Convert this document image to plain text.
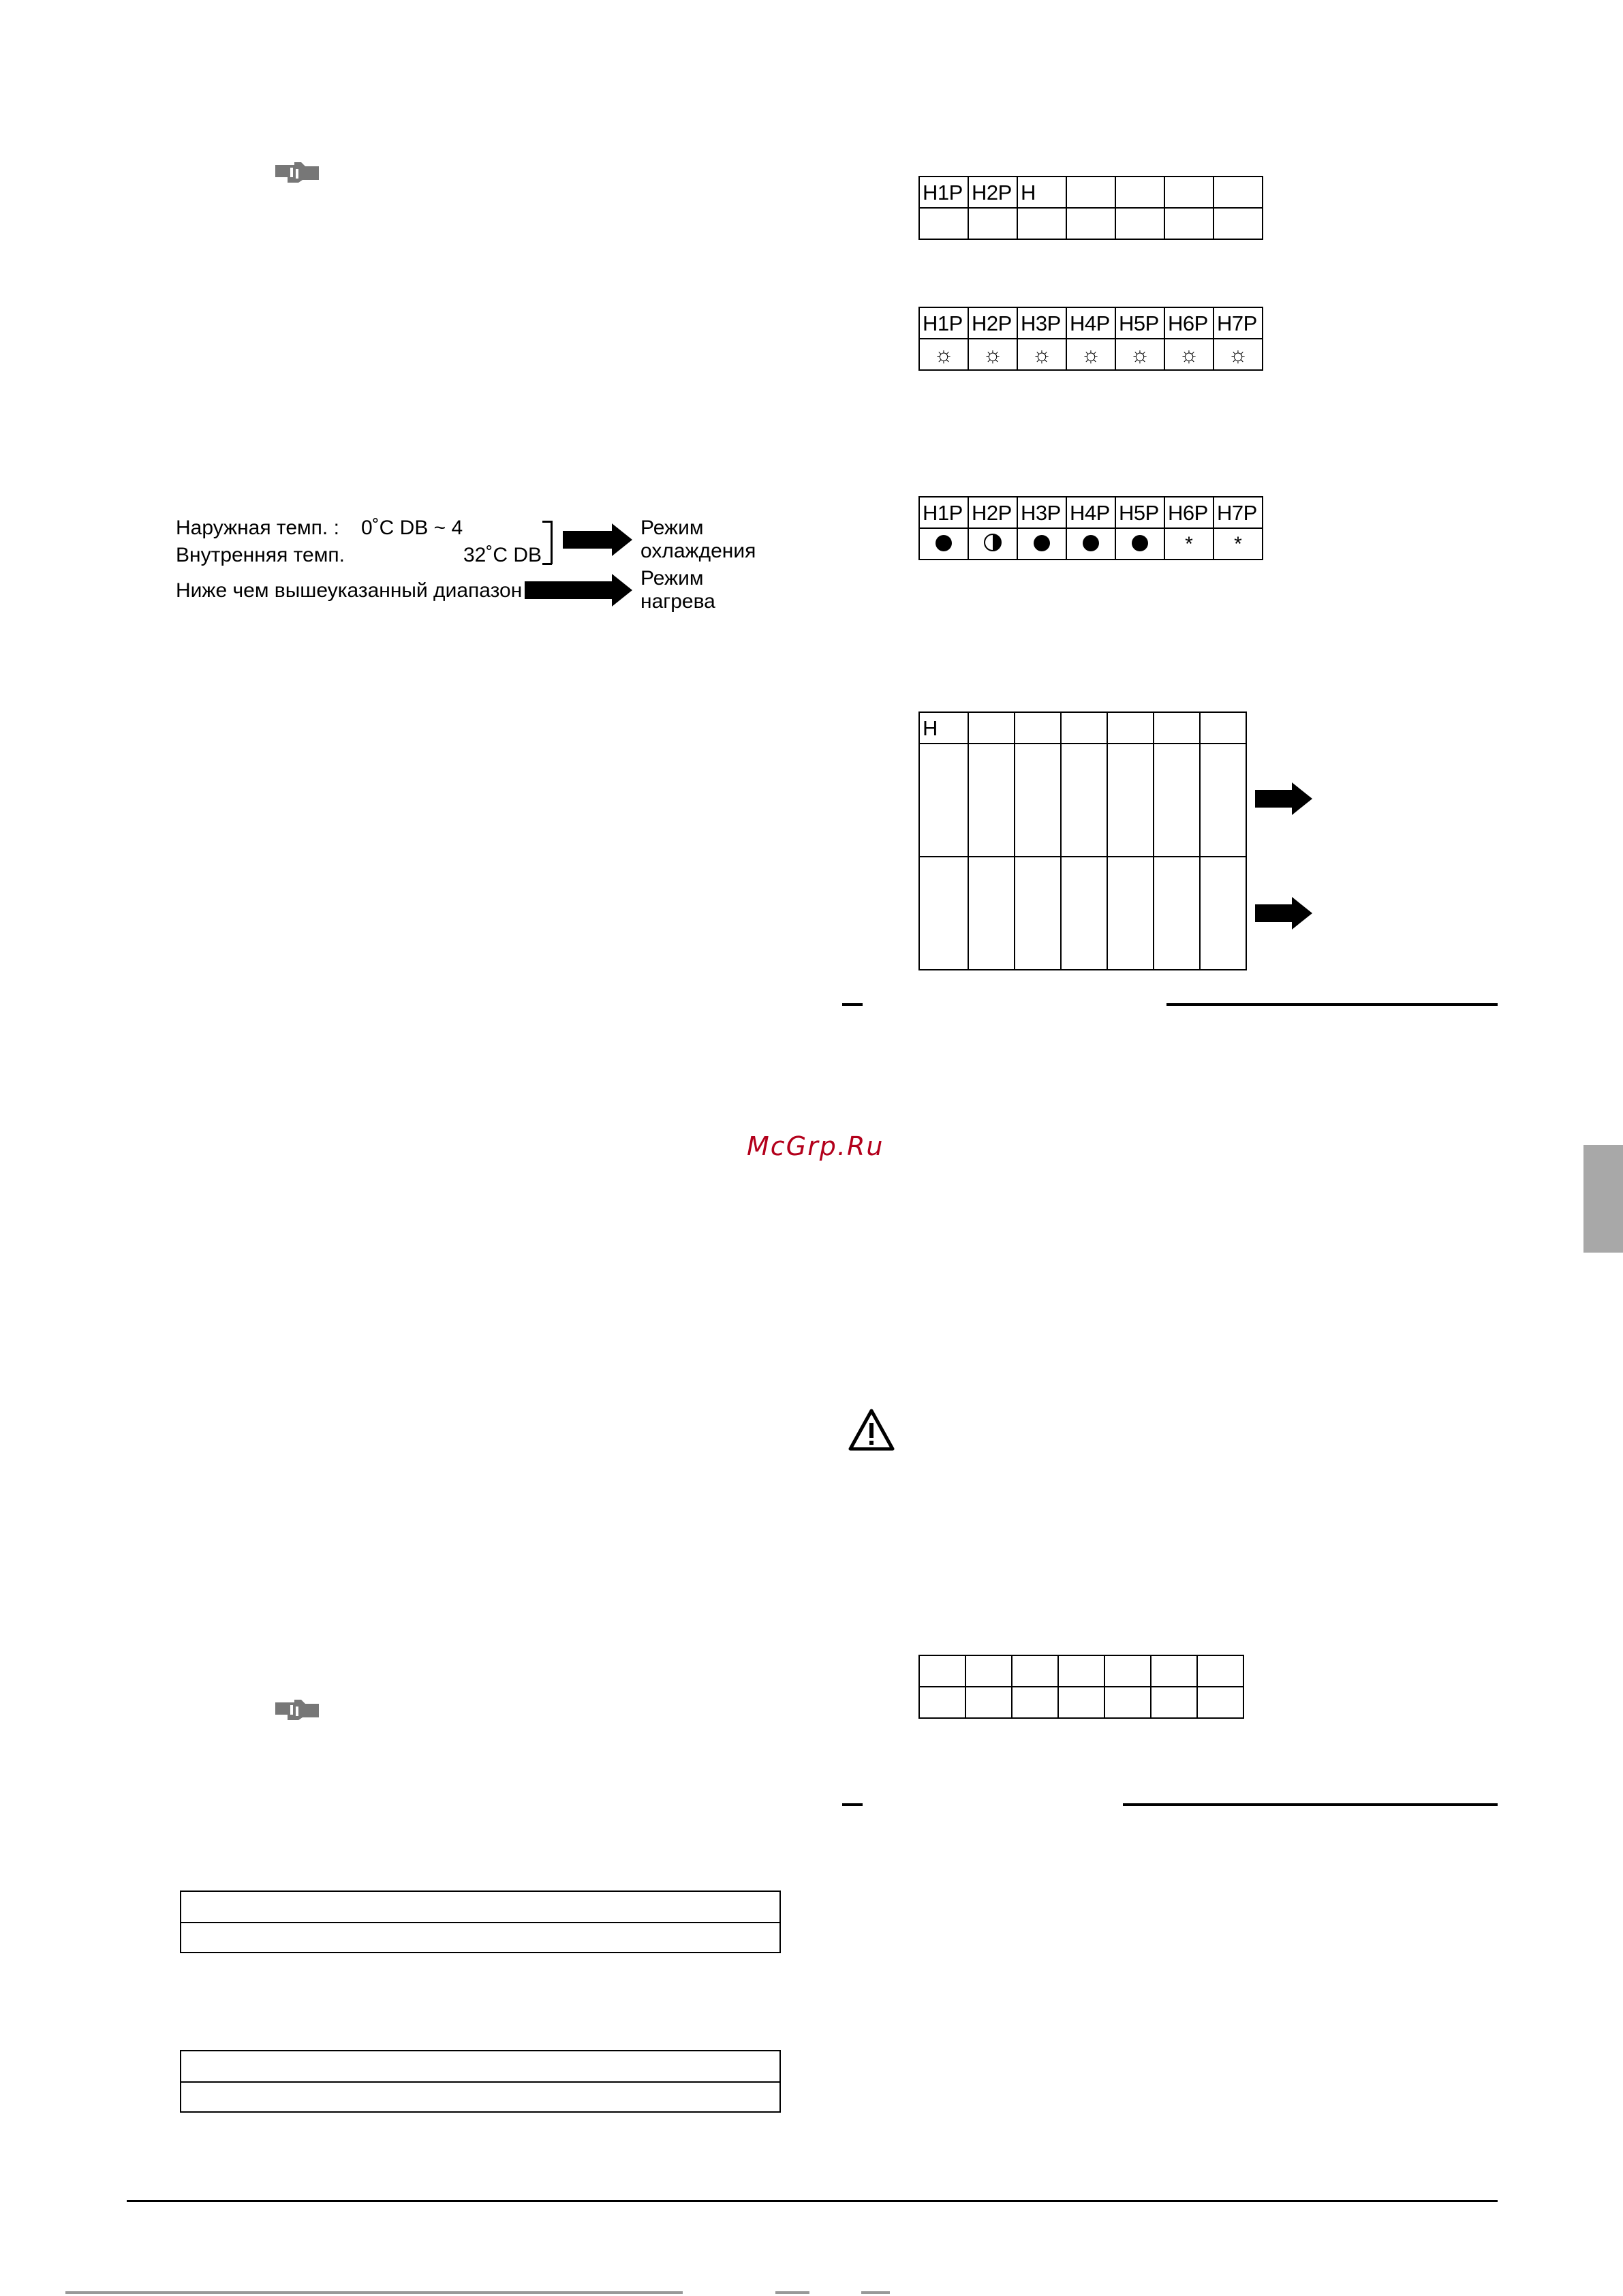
Наружная темп. : 0˚C DB ~ 4
Внутренняя темп.	32˚C DB
Ниже чем вышеуказанный диапазон
Режим
охлаждения
Режим
нагрева
H1P	H2P	H				

H1P	H2P	H3P	H4P	H5P	H6P	H7P
☼	☼	☼	☼	☼	☼	☼
H1P	H2P	H3P	H4P	H5P	H6P	H7P
					*	*
H						

McGrp.Ru
